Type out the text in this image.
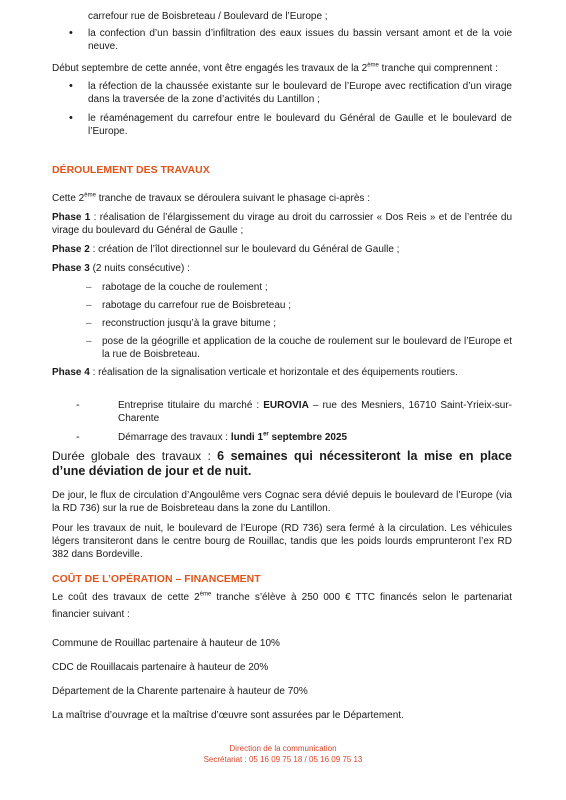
carrefour rue de Boisbreteau / Boulevard de l’Europe ;

• la confection d’un bassin d’infiltration des eaux issues du bassin versant amont et de la voie neuve.

Début septembre de cette année, vont être engagés les travaux de la 2ème tranche qui comprennent :

• la réfection de la chaussée existante sur le boulevard de l’Europe avec rectification d’un virage dans la traversée de la zone d’activités du Lantillon ;
• le réaménagement du carrefour entre le boulevard du Général de Gaulle et le boulevard de l’Europe.

DÉROULEMENT DES TRAVAUX

Cette 2ème tranche de travaux se déroulera suivant le phasage ci-après :

Phase 1 : réalisation de l’élargissement du virage au droit du carrossier « Dos Reis » et de l’entrée du virage du boulevard du Général de Gaulle ;

Phase 2 : création de l’îlot directionnel sur le boulevard du Général de Gaulle ;

Phase 3 (2 nuits consécutive) :

– rabotage de la couche de roulement ;
– rabotage du carrefour rue de Boisbreteau ;
– reconstruction jusqu’à la grave bitume ;
– pose de la géogrille et application de la couche de roulement sur le boulevard de l’Europe et la rue de Boisbreteau.

Phase 4 : réalisation de la signalisation verticale et horizontale et des équipements routiers.

- Entreprise titulaire du marché : EUROVIA – rue des Mesniers, 16710 Saint-Yrieix-sur-Charente
- Démarrage des travaux : lundi 1er septembre 2025

Durée globale des travaux : 6 semaines qui nécessiteront la mise en place d’une déviation de jour et de nuit.

De jour, le flux de circulation d’Angoulême vers Cognac sera dévié depuis le boulevard de l’Europe (via la RD 736) sur la rue de Boisbreteau dans la zone du Lantillon.

Pour les travaux de nuit, le boulevard de l’Europe (RD 736) sera fermé à la circulation. Les véhicules légers transiteront dans le centre bourg de Rouillac, tandis que les poids lourds emprunteront l’ex RD 382 dans Bordeville.

COÛT DE L’OPÉRATION – FINANCEMENT

Le coût des travaux de cette 2ème tranche s’élève à 250 000 € TTC financés selon le partenariat financier suivant :

Commune de Rouillac partenaire à hauteur de 10%

CDC de Rouillacais partenaire à hauteur de 20%

Département de la Charente partenaire à hauteur de 70%

La maîtrise d’ouvrage et la maîtrise d’œuvre sont assurées par le Département.

Direction de la communication
Secrétariat : 05 16 09 75 18 / 05 16 09 75 13
